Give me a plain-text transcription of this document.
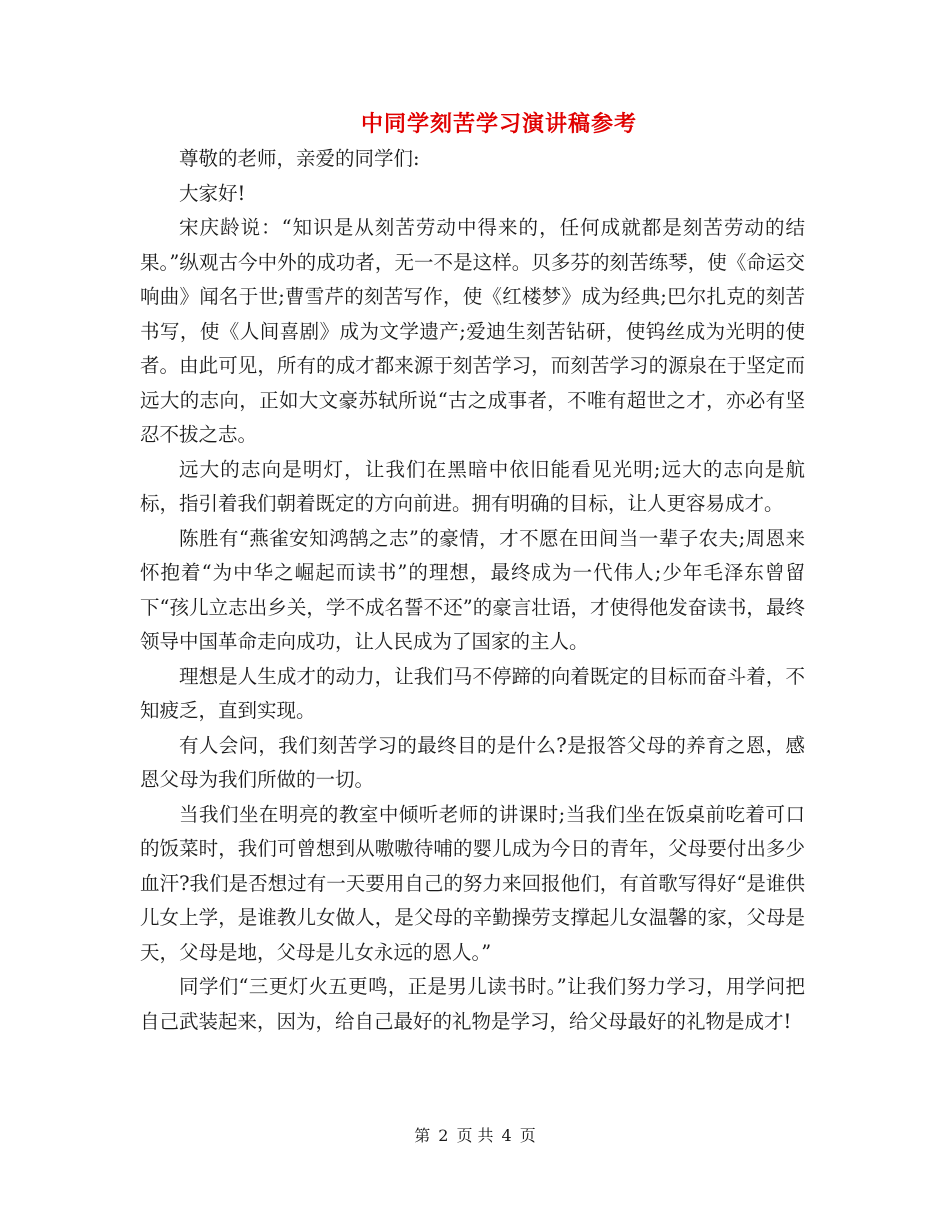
中同学刻苦学习演讲稿参考

尊敬的老师，亲爱的同学们:

大家好!

宋庆龄说：“知识是从刻苦劳动中得来的，任何成就都是刻苦劳动的结果。”纵观古今中外的成功者，无一不是这样。贝多芬的刻苦练琴，使《命运交响曲》闻名于世;曹雪芹的刻苦写作，使《红楼梦》成为经典;巴尔扎克的刻苦书写，使《人间喜剧》成为文学遗产;爱迪生刻苦钻研，使钨丝成为光明的使者。由此可见，所有的成才都来源于刻苦学习，而刻苦学习的源泉在于坚定而远大的志向，正如大文豪苏轼所说“古之成事者，不唯有超世之才，亦必有坚忍不拔之志。

远大的志向是明灯，让我们在黑暗中依旧能看见光明;远大的志向是航标，指引着我们朝着既定的方向前进。拥有明确的目标，让人更容易成才。

陈胜有“燕雀安知鸿鹄之志”的豪情，才不愿在田间当一辈子农夫;周恩来怀抱着“为中华之崛起而读书”的理想，最终成为一代伟人;少年毛泽东曾留下“孩儿立志出乡关，学不成名誓不还”的豪言壮语，才使得他发奋读书，最终领导中国革命走向成功，让人民成为了国家的主人。

理想是人生成才的动力，让我们马不停蹄的向着既定的目标而奋斗着，不知疲乏，直到实现。

有人会问，我们刻苦学习的最终目的是什么?是报答父母的养育之恩，感恩父母为我们所做的一切。

当我们坐在明亮的教室中倾听老师的讲课时;当我们坐在饭桌前吃着可口的饭菜时，我们可曾想到从嗷嗷待哺的婴儿成为今日的青年，父母要付出多少血汗?我们是否想过有一天要用自己的努力来回报他们，有首歌写得好“是谁供儿女上学，是谁教儿女做人，是父母的辛勤操劳支撑起儿女温馨的家，父母是天，父母是地，父母是儿女永远的恩人。”

同学们“三更灯火五更鸣，正是男儿读书时。”让我们努力学习，用学问把自己武装起来，因为，给自己最好的礼物是学习，给父母最好的礼物是成才!

第 2 页 共 4 页
